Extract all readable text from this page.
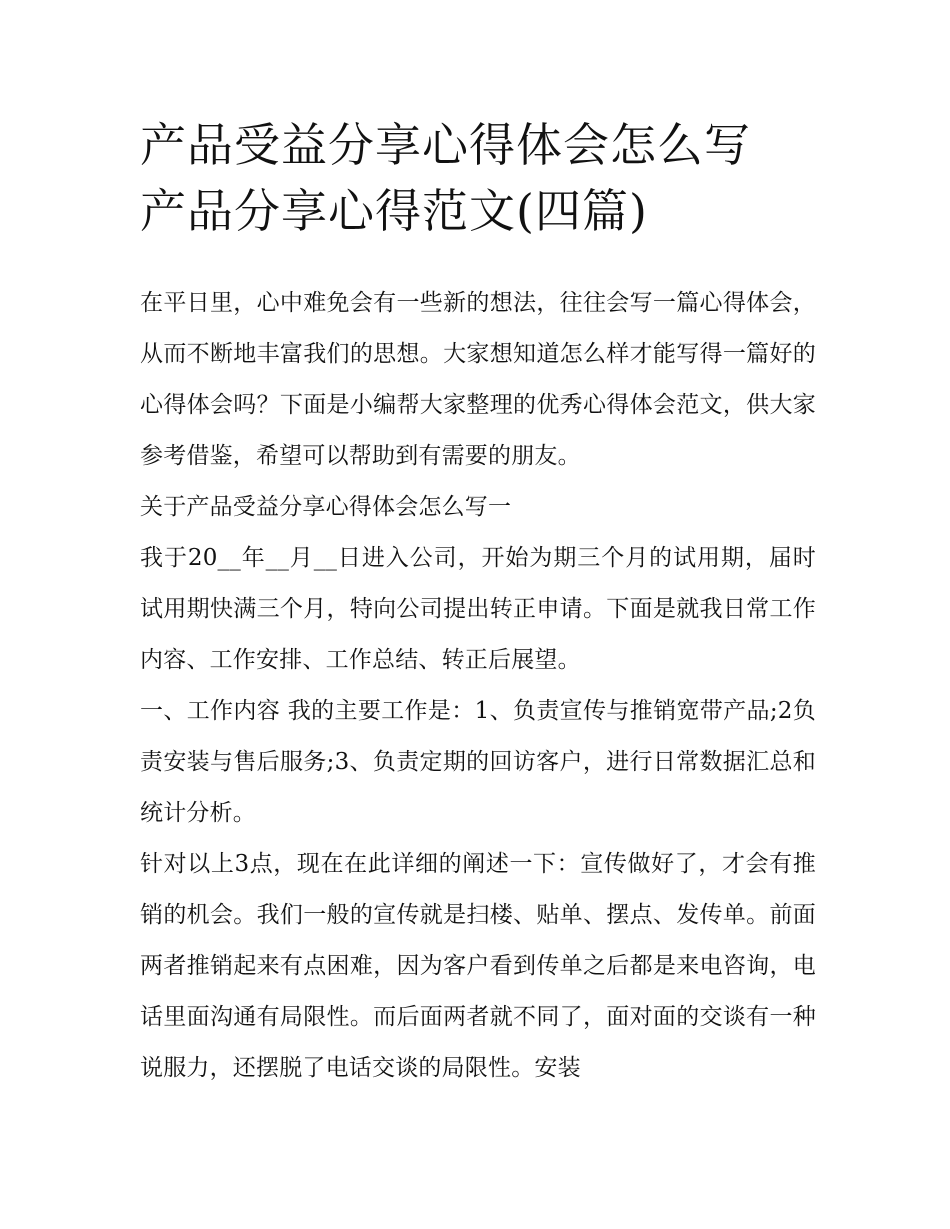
产品受益分享心得体会怎么写
产品分享心得范文(四篇)

在平日里，心中难免会有一些新的想法，往往会写一篇心得体会，从而不断地丰富我们的思想。大家想知道怎么样才能写得一篇好的心得体会吗？下面是小编帮大家整理的优秀心得体会范文，供大家参考借鉴，希望可以帮助到有需要的朋友。

关于产品受益分享心得体会怎么写一

我于20__年__月__日进入公司，开始为期三个月的试用期，届时试用期快满三个月，特向公司提出转正申请。下面是就我日常工作内容、工作安排、工作总结、转正后展望。

一、工作内容 我的主要工作是：1、负责宣传与推销宽带产品;2负责安装与售后服务;3、负责定期的回访客户，进行日常数据汇总和统计分析。

针对以上3点，现在在此详细的阐述一下：宣传做好了，才会有推销的机会。我们一般的宣传就是扫楼、贴单、摆点、发传单。前面两者推销起来有点困难，因为客户看到传单之后都是来电咨询，电话里面沟通有局限性。而后面两者就不同了，面对面的交谈有一种说服力，还摆脱了电话交谈的局限性。安装
